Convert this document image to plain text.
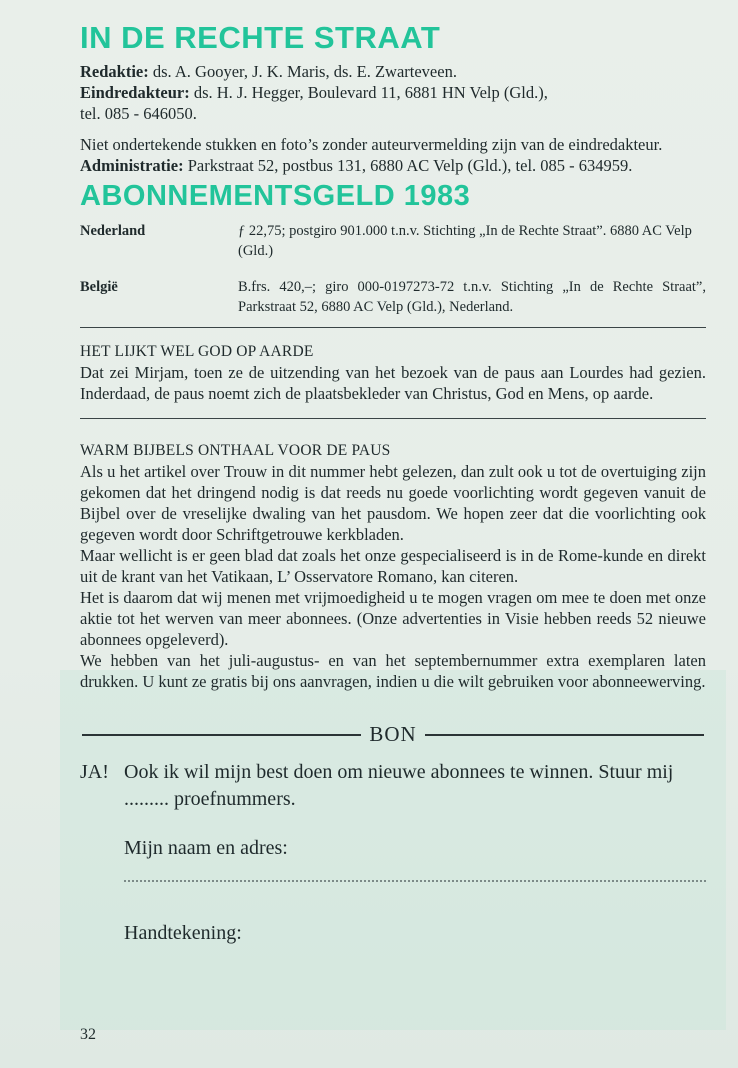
IN DE RECHTE STRAAT

Redaktie: ds. A. Gooyer, J. K. Maris, ds. E. Zwarteveen.

Eindredakteur: ds. H. J. Hegger, Boulevard 11, 6881 HN Velp (Gld.),

tel. 085 - 646050.

Niet ondertekende stukken en foto’s zonder auteurvermelding zijn van de eindredakteur.

Administratie: Parkstraat 52, postbus 131, 6880 AC Velp (Gld.), tel. 085 - 634959.

ABONNEMENTSGELD 1983
Nederland	ƒ 22,75; postgiro 901.000 t.n.v. Stichting „In de Rechte Straat”. 6880 AC Velp (Gld.)
België	B.frs. 420,–; giro 000-0197273-72 t.n.v. Stichting „In de Rechte Straat”, Parkstraat 52, 6880 AC Velp (Gld.), Nederland.

HET LIJKT WEL GOD OP AARDE

Dat zei Mirjam, toen ze de uitzending van het bezoek van de paus aan Lourdes had gezien. Inderdaad, de paus noemt zich de plaatsbekleder van Christus, God en Mens, op aarde.

WARM BIJBELS ONTHAAL VOOR DE PAUS

Als u het artikel over Trouw in dit nummer hebt gelezen, dan zult ook u tot de overtuiging zijn gekomen dat het dringend nodig is dat reeds nu goede voorlichting wordt gegeven vanuit de Bijbel over de vreselijke dwaling van het pausdom. We hopen zeer dat die voorlichting ook gegeven wordt door Schriftgetrouwe kerkbladen.

Maar wellicht is er geen blad dat zoals het onze gespecialiseerd is in de Rome-kunde en direkt uit de krant van het Vatikaan, L’ Osservatore Romano, kan citeren.

Het is daarom dat wij menen met vrijmoedigheid u te mogen vragen om mee te doen met onze aktie tot het werven van meer abonnees. (Onze advertenties in Visie hebben reeds 52 nieuwe abonnees opgeleverd).

We hebben van het juli-augustus- en van het septembernummer extra exemplaren laten drukken. U kunt ze gratis bij ons aanvragen, indien u die wilt gebruiken voor abonneewerving.

BON
JA! Ook ik wil mijn best doen om nieuwe abonnees te winnen. Stuur mij ......... proefnummers.
Mijn naam en adres:
Handtekening:
32
